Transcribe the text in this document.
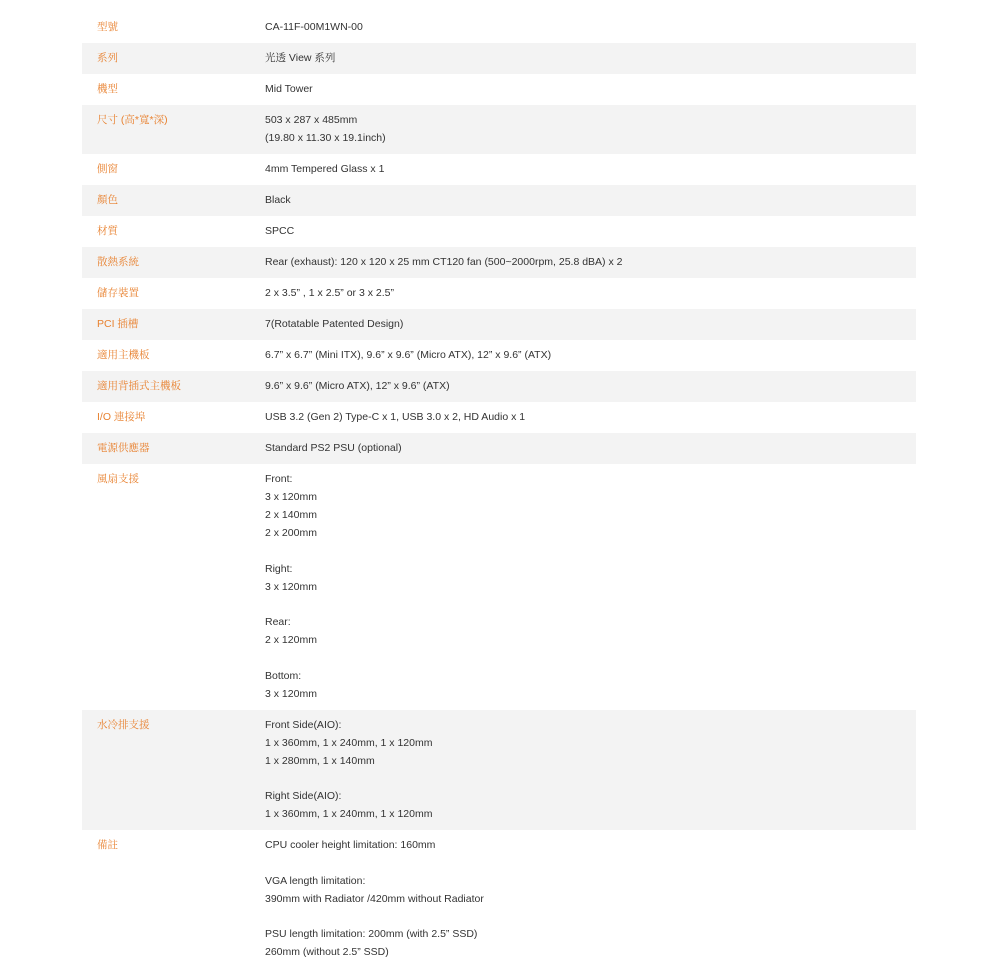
型號	CA-11F-00M1WN-00
系列	光透 View 系列
機型	Mid Tower
尺寸 (高*寬*深)	503 x 287 x 485mm
(19.80 x 11.30 x 19.1inch)
側窗	4mm Tempered Glass x 1
顏色	Black
材質	SPCC
散熱系統	Rear (exhaust): 120 x 120 x 25 mm CT120 fan (500~2000rpm, 25.8 dBA) x 2
儲存裝置	2 x 3.5” , 1 x 2.5” or 3 x 2.5”
PCI 插槽	7(Rotatable Patented Design)
適用主機板	6.7” x 6.7” (Mini ITX), 9.6” x 9.6” (Micro ATX), 12” x 9.6” (ATX)
適用背插式主機板	9.6” x 9.6” (Micro ATX), 12” x 9.6” (ATX)
I/O 連接埠	USB 3.2 (Gen 2) Type-C x 1, USB 3.0 x 2, HD Audio x 1
電源供應器	Standard PS2 PSU (optional)
風扇支援	Front:
3 x 120mm
2 x 140mm
2 x 200mm
Right:
3 x 120mm
Rear:
2 x 120mm
Bottom:
3 x 120mm
水冷排支援	Front Side(AIO):
1 x 360mm, 1 x 240mm, 1 x 120mm
1 x 280mm, 1 x 140mm
Right Side(AIO):
1 x 360mm, 1 x 240mm, 1 x 120mm
備註	CPU cooler height limitation: 160mm
VGA length limitation:
390mm with Radiator /420mm without Radiator
PSU length limitation: 200mm (with 2.5” SSD)
260mm (without 2.5” SSD)
